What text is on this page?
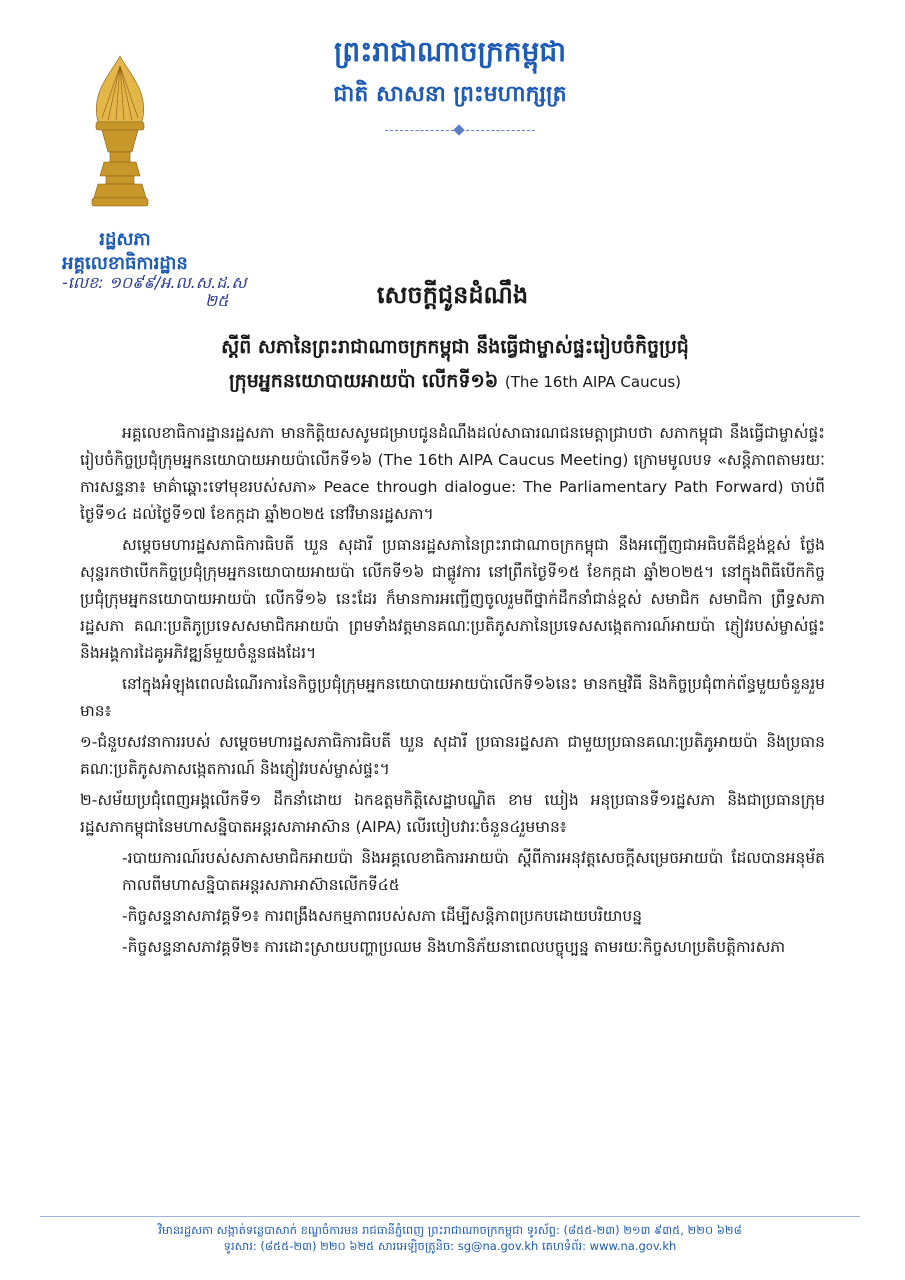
រដ្ឋសភា
អគ្គលេខាធិការដ្ឋាន
-លេខ: ១០៩៩/អ.ល.ស.ដ.ស
២៥
ព្រះរាជាណាចក្រកម្ពុជា
ជាតិ សាសនា ព្រះមហាក្សត្រ
សេចក្តីជូនដំណឹង
ស្តីពី សភានៃព្រះរាជាណាចក្រកម្ពុជា នឹងធ្វើជាម្ចាស់ផ្ទះរៀបចំកិច្ចប្រជុំ
ក្រុមអ្នកនយោបាយអាយប៉ា លើកទី១៦ (The 16th AIPA Caucus)

អគ្គលេខាធិការដ្ឋានរដ្ឋសភា មានកិត្តិយសសូមជម្រាបជូនដំណឹងដល់សាធារណជនមេត្តាជ្រាបថា សភាកម្ពុជា នឹងធ្វើជាម្ចាស់ផ្ទះរៀបចំកិច្ចប្រជុំក្រុមអ្នកនយោបាយអាយប៉ាលើកទី១៦ (The 16th AIPA Caucus Meeting) ក្រោមមូលបទ «សន្តិភាពតាមរយៈការសន្ទនា៖ មាគ៌ាឆ្ពោះទៅមុខរបស់សភា» Peace through dialogue: The Parliamentary Path Forward) ចាប់ពីថ្ងៃទី១៤ ដល់ថ្ងៃទី១៧ ខែកក្កដា ឆ្នាំ២០២៥ នៅវិមានរដ្ឋសភា។

សម្តេចមហារដ្ឋសភាធិការធិបតី ឃួន សុដារី ប្រធានរដ្ឋសភានៃព្រះរាជាណាចក្រកម្ពុជា នឹងអញ្ជើញជាអធិបតីដ៏ខ្ពង់ខ្ពស់ ថ្លែងសុន្ទរកថាបើកកិច្ចប្រជុំក្រុមអ្នកនយោបាយអាយប៉ា លើកទី១៦ ជាផ្លូវការ នៅព្រឹកថ្ងៃទី១៥ ខែកក្កដា ឆ្នាំ២០២៥។ នៅក្នុងពិធីបើកកិច្ចប្រជុំក្រុមអ្នកនយោបាយអាយប៉ា លើកទី១៦ នេះដែរ ក៏មានការអញ្ជើញចូលរួមពីថ្នាក់ដឹកនាំជាន់ខ្ពស់ សមាជិក សមាជិកា ព្រឹទ្ធសភា រដ្ឋសភា គណៈប្រតិភូប្រទេសសមាជិកអាយប៉ា ព្រមទាំងវត្តមានគណៈប្រតិភូសភានៃប្រទេសសង្កេតការណ៍អាយប៉ា ភ្ញៀវរបស់ម្ចាស់ផ្ទះ និងអង្គការដៃគូអភិវឌ្ឍន៍មួយចំនួនផងដែរ។

នៅក្នុងអំឡុងពេលដំណើរការនៃកិច្ចប្រជុំក្រុមអ្នកនយោបាយអាយប៉ាលើកទី១៦នេះ មានកម្មវិធី និងកិច្ចប្រជុំពាក់ព័ន្ធមួយចំនួនរួមមាន៖

១-ជំនួបសវនាការរបស់ សម្តេចមហារដ្ឋសភាធិការធិបតី ឃួន សុដារី ប្រធានរដ្ឋសភា ជាមួយប្រធានគណៈប្រតិភូអាយប៉ា និងប្រធានគណៈប្រតិភូសភាសង្កេតការណ៍ និងភ្ញៀវរបស់ម្ចាស់ផ្ទះ។

២-សម័យប្រជុំពេញអង្គលើកទី១ ដឹកនាំដោយ ឯកឧត្តមកិត្តិសេដ្ឋាបណ្ឌិត ខាម ឃៀង អនុប្រធានទី១រដ្ឋសភា និងជាប្រធានក្រុមរដ្ឋសភាកម្ពុជានៃមហាសន្និបាតអន្តរសភាអាស៊ាន (AIPA) លើរបៀបវារៈចំនួន៤រួមមាន៖

-របាយការណ៍របស់សភាសមាជិកអាយប៉ា និងអគ្គលេខាធិការអាយប៉ា ស្តីពីការអនុវត្តសេចក្តីសម្រេចអាយប៉ា ដែលបានអនុម័តកាលពីមហាសន្និបាតអន្តរសភាអាស៊ានលើកទី៤៥

-កិច្ចសន្ទនាសភាវគ្គទី១៖ ការពង្រឹងសកម្មភាពរបស់សភា ដើម្បីសន្តិភាពប្រកបដោយបរិយាបន្ន

-កិច្ចសន្ទនាសភាវគ្គទី២៖ ការដោះស្រាយបញ្ហាប្រឈម និងហានិភ័យនាពេលបច្ចុប្បន្ន តាមរយៈកិច្ចសហប្រតិបត្តិការសភា

វិមានរដ្ឋសភា សង្កាត់ទន្លេបាសាក់ ខណ្ឌចំការមន រាជធានីភ្នំពេញ ព្រះរាជាណាចក្រកម្ពុជា ទូរស័ព្ទ: (៨៥៥-២៣) ២១៣ ៩៣៥, ២២០ ៦២៨
ទូរសារ: (៨៥៥-២៣) ២២០ ៦២៥ សារអេឡិចត្រូនិច: sg@na.gov.kh គេហទំព័រ: www.na.gov.kh
